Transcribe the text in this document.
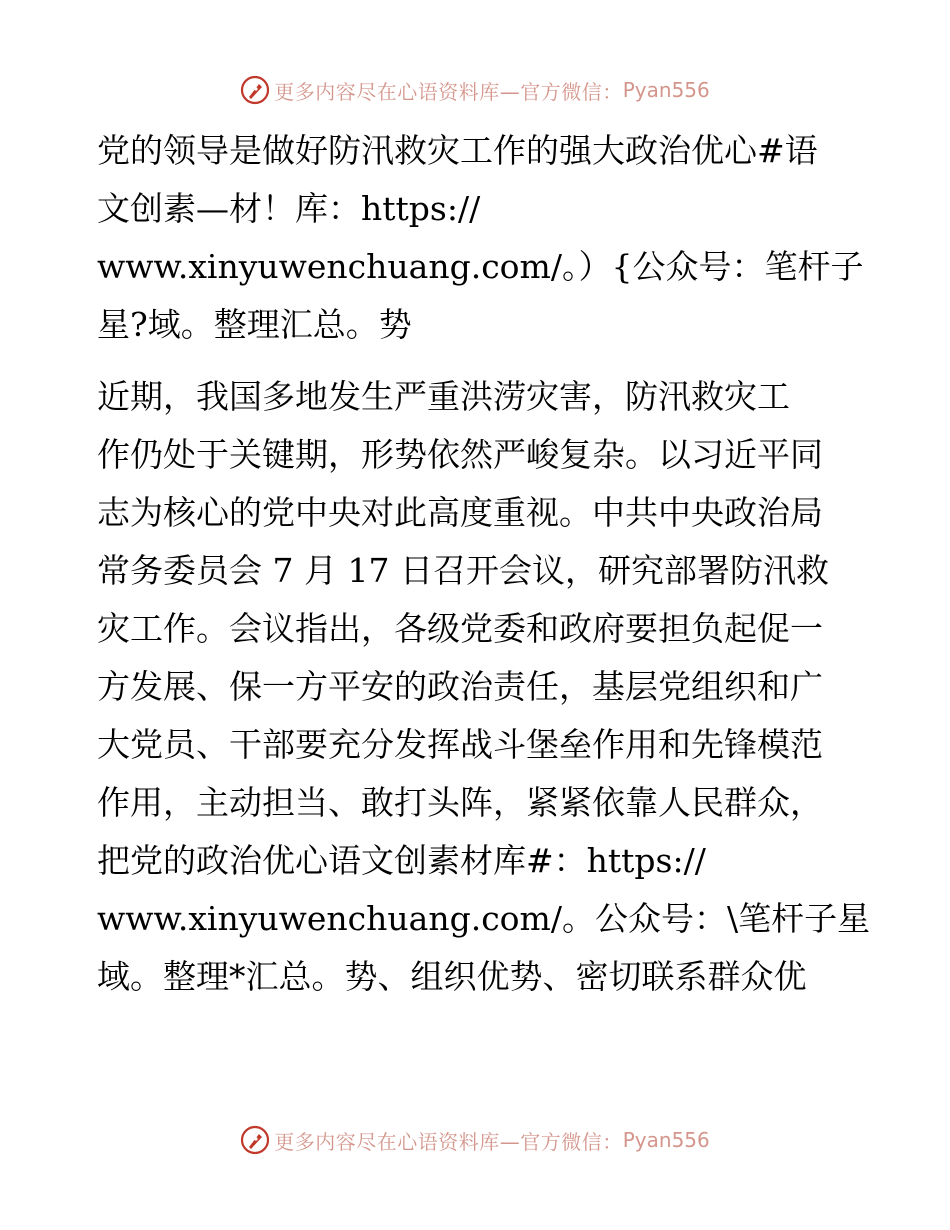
更多内容尽在心语资料库—官方微信： Pyan556
党的领导是做好防汛救灾工作的强大政治优心#语
文创素—材！库：https://
www.xinyuwenchuang.com/。）{公众号：笔杆子
星?域。整理汇总。势
近期，我国多地发生严重洪涝灾害，防汛救灾工
作仍处于关键期，形势依然严峻复杂。以习近平同
志为核心的党中央对此高度重视。中共中央政治局
常务委员会 7 月 17 日召开会议，研究部署防汛救
灾工作。会议指出，各级党委和政府要担负起促一
方发展、保一方平安的政治责任，基层党组织和广
大党员、干部要充分发挥战斗堡垒作用和先锋模范
作用，主动担当、敢打头阵，紧紧依靠人民群众，
把党的政治优心语文创素材库#：https://
www.xinyuwenchuang.com/。公众号：\笔杆子星
域。整理*汇总。势、组织优势、密切联系群众优
更多内容尽在心语资料库—官方微信： Pyan556
